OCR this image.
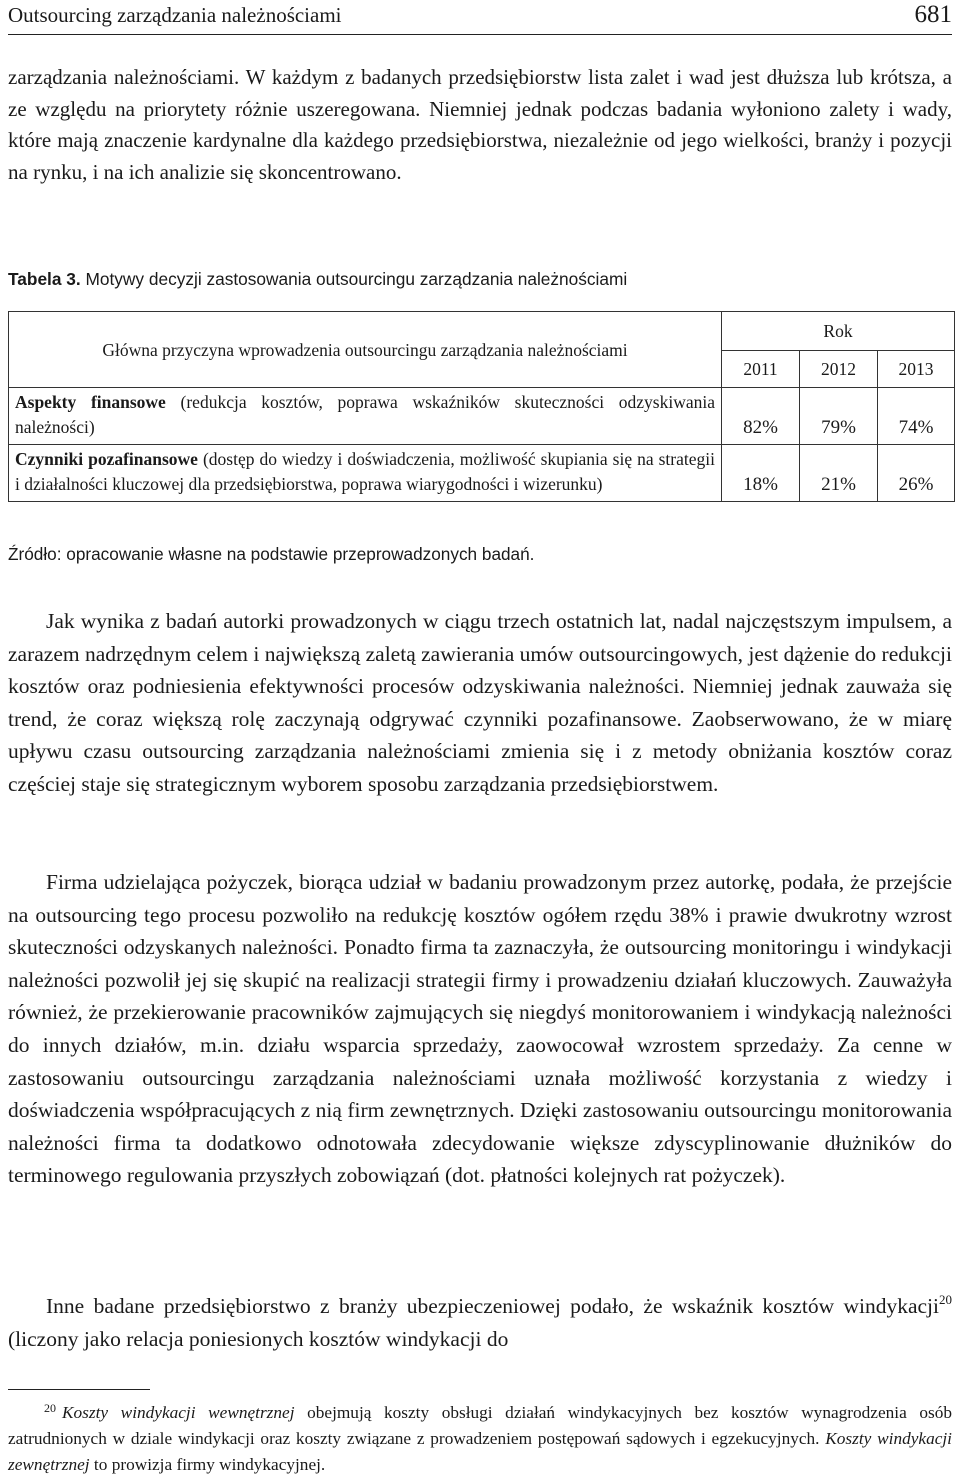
Outsourcing zarządzania należnościami	681

zarządzania należnościami. W każdym z badanych przedsiębiorstw lista zalet i wad jest dłuższa lub krótsza, a ze względu na priorytety różnie uszeregowana. Niemniej jednak podczas badania wyłoniono zalety i wady, które mają znaczenie kardynalne dla każdego przedsiębiorstwa, niezależnie od jego wielkości, branży i pozycji na rynku, i na ich analizie się skoncentrowano.

Tabela 3. Motywy decyzji zastosowania outsourcingu zarządzania należnościami
Główna przyczyna wprowadzenia outsourcingu zarządzania należnościami	Rok		
	2011	2012	2013
Aspekty finansowe (redukcja kosztów, poprawa wskaźników skuteczności odzyskiwania należności)	82%	79%	74%
Czynniki pozafinansowe (dostęp do wiedzy i doświadczenia, możliwość skupiania się na strategii i działalności kluczowej dla przedsiębiorstwa, poprawa wiarygodności i wizerunku)	18%	21%	26%
Źródło: opracowanie własne na podstawie przeprowadzonych badań.

Jak wynika z badań autorki prowadzonych w ciągu trzech ostatnich lat, nadal najczęstszym impulsem, a zarazem nadrzędnym celem i największą zaletą zawierania umów outsourcingowych, jest dążenie do redukcji kosztów oraz podniesienia efektywności procesów odzyskiwania należności. Niemniej jednak zauważa się trend, że coraz większą rolę zaczynają odgrywać czynniki pozafinansowe. Zaobserwowano, że w miarę upływu czasu outsourcing zarządzania należnościami zmienia się i z metody obniżania kosztów coraz częściej staje się strategicznym wyborem sposobu zarządzania przedsiębiorstwem.

Firma udzielająca pożyczek, biorąca udział w badaniu prowadzonym przez autorkę, podała, że przejście na outsourcing tego procesu pozwoliło na redukcję kosztów ogółem rzędu 38% i prawie dwukrotny wzrost skuteczności odzyskanych należności. Ponadto firma ta zaznaczyła, że outsourcing monitoringu i windykacji należności pozwolił jej się skupić na realizacji strategii firmy i prowadzeniu działań kluczowych. Zauważyła również, że przekierowanie pracowników zajmujących się niegdyś monitorowaniem i windykacją należności do innych działów, m.in. działu wsparcia sprzedaży, zaowocował wzrostem sprzedaży. Za cenne w zastosowaniu outsourcingu zarządzania należnościami uznała możliwość korzystania z wiedzy i doświadczenia współpracujących z nią firm zewnętrznych. Dzięki zastosowaniu outsourcingu monitorowania należności firma ta dodatkowo odnotowała zdecydowanie większe zdyscyplinowanie dłużników do terminowego regulowania przyszłych zobowiązań (dot. płatności kolejnych rat pożyczek).

Inne badane przedsiębiorstwo z branży ubezpieczeniowej podało, że wskaźnik kosztów windykacji$^{20}$ (liczony jako relacja poniesionych kosztów windykacji do

$^{20}$ Koszty windykacji wewnętrznej obejmują koszty obsługi działań windykacyjnych bez kosztów wynagrodzenia osób zatrudnionych w dziale windykacji oraz koszty związane z prowadzeniem postępowań sądowych i egzekucyjnych. Koszty windykacji zewnętrznej to prowizja firmy windykacyjnej.
